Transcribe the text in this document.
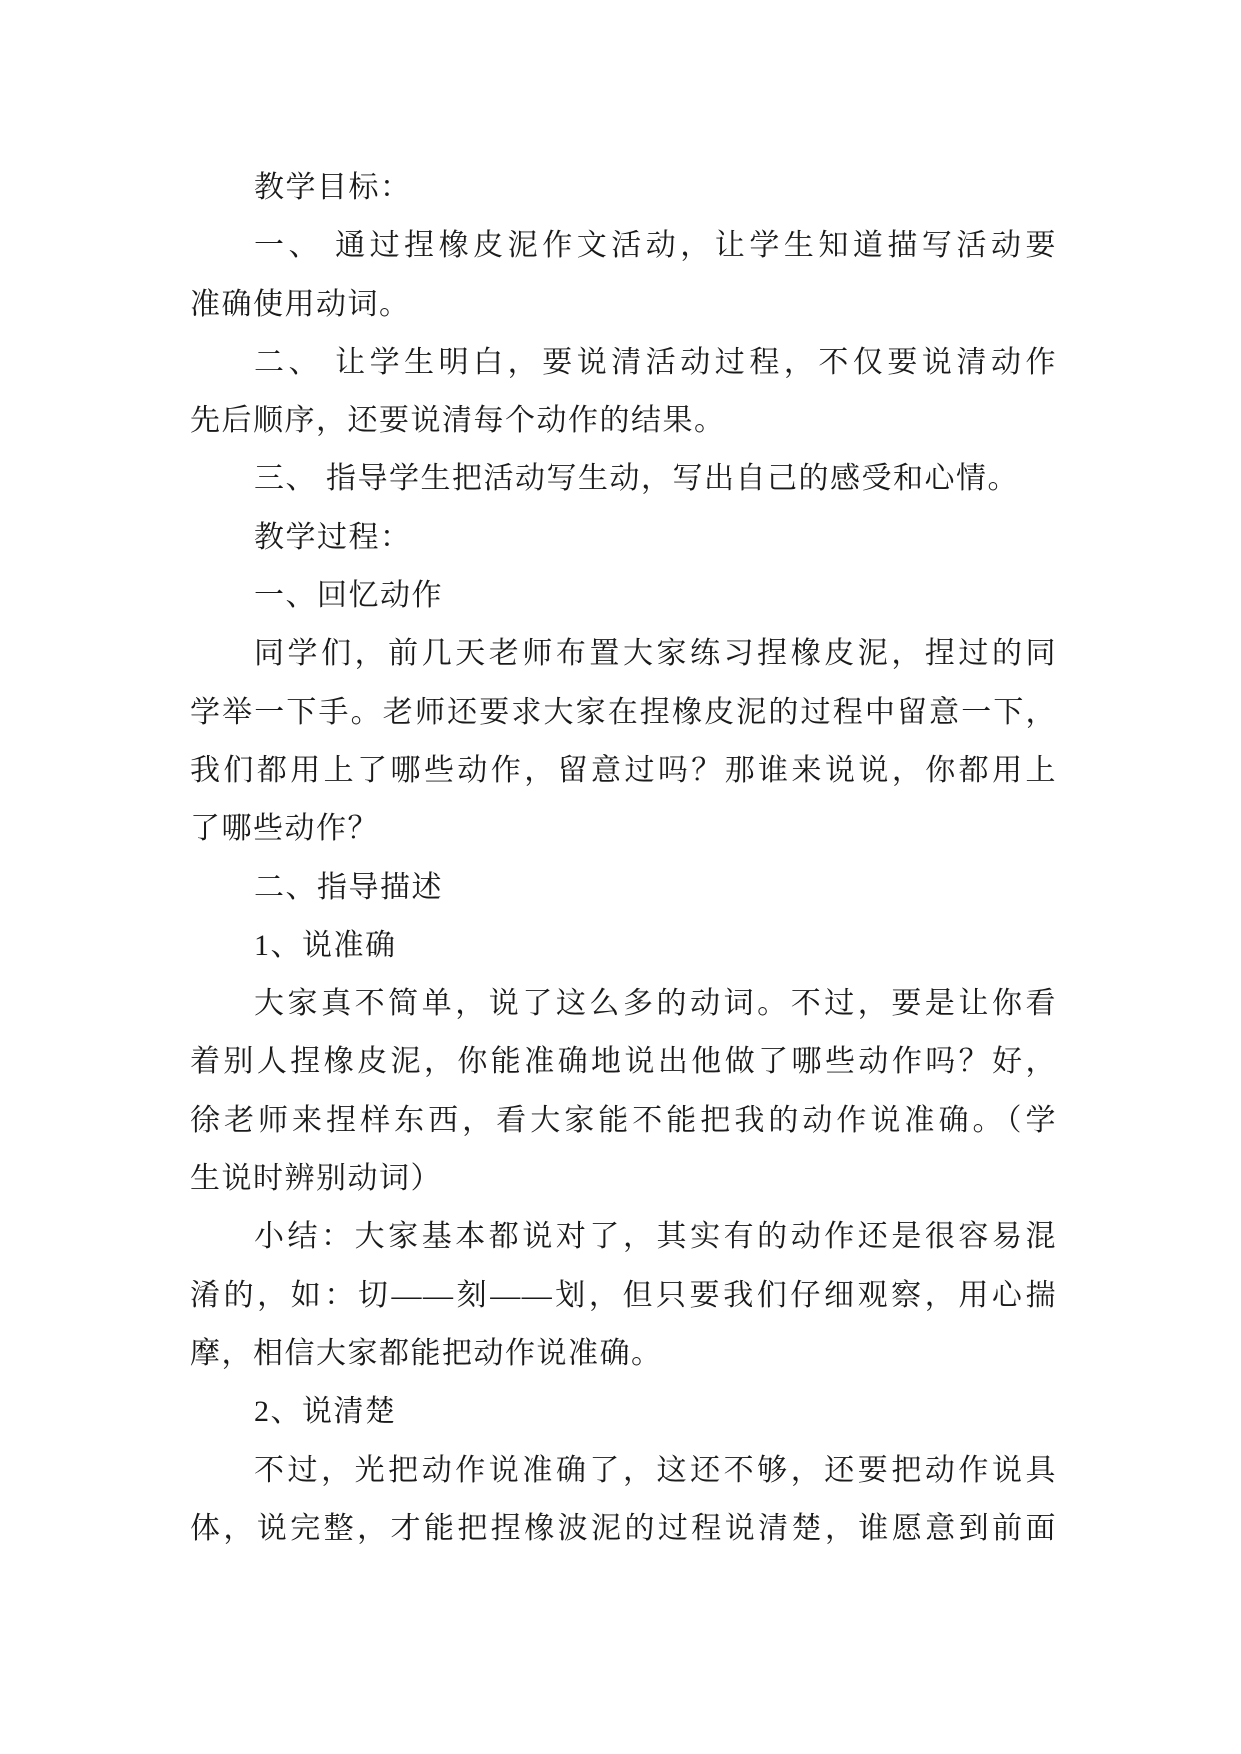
教学目标：
一、 通过捏橡皮泥作文活动，让学生知道描写活动要
准确使用动词。
二、 让学生明白，要说清活动过程，不仅要说清动作
先后顺序，还要说清每个动作的结果。
三、 指导学生把活动写生动，写出自己的感受和心情。
教学过程：
一、回忆动作
同学们，前几天老师布置大家练习捏橡皮泥，捏过的同
学举一下手。老师还要求大家在捏橡皮泥的过程中留意一下，
我们都用上了哪些动作，留意过吗？那谁来说说，你都用上
了哪些动作？
二、指导描述
1、说准确
大家真不简单，说了这么多的动词。不过，要是让你看
着别人捏橡皮泥，你能准确地说出他做了哪些动作吗？好，
徐老师来捏样东西，看大家能不能把我的动作说准确。（学
生说时辨别动词）
小结：大家基本都说对了，其实有的动作还是很容易混
淆的，如：切——刻——划，但只要我们仔细观察，用心揣
摩，相信大家都能把动作说准确。
2、说清楚
不过，光把动作说准确了，这还不够，还要把动作说具
体，说完整，才能把捏橡波泥的过程说清楚，谁愿意到前面
